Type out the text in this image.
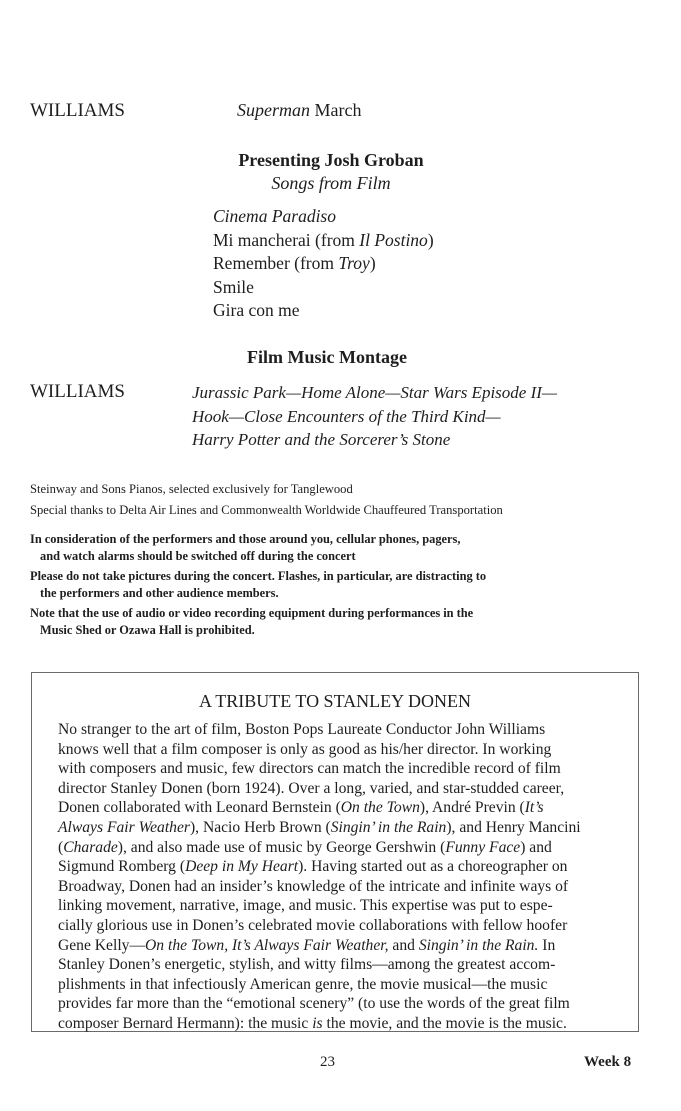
WILLIAMS	Superman March
Presenting Josh Groban
Songs from Film
Cinema Paradiso
Mi mancherai (from Il Postino)
Remember (from Troy)
Smile
Gira con me
Film Music Montage
WILLIAMS	Jurassic Park—Home Alone—Star Wars Episode II—
Hook—Close Encounters of the Third Kind—
Harry Potter and the Sorcerer’s Stone
Steinway and Sons Pianos, selected exclusively for Tanglewood
Special thanks to Delta Air Lines and Commonwealth Worldwide Chauffeured Transportation
In consideration of the performers and those around you, cellular phones, pagers,
and watch alarms should be switched off during the concert
Please do not take pictures during the concert. Flashes, in particular, are distracting to
the performers and other audience members.
Note that the use of audio or video recording equipment during performances in the
Music Shed or Ozawa Hall is prohibited.
A TRIBUTE TO STANLEY DONEN
No stranger to the art of film, Boston Pops Laureate Conductor John Williams
knows well that a film composer is only as good as his/her director. In working
with composers and music, few directors can match the incredible record of film
director Stanley Donen (born 1924). Over a long, varied, and star-studded career,
Donen collaborated with Leonard Bernstein (On the Town), André Previn (It’s
Always Fair Weather), Nacio Herb Brown (Singin’ in the Rain), and Henry Mancini
(Charade), and also made use of music by George Gershwin (Funny Face) and
Sigmund Romberg (Deep in My Heart). Having started out as a choreographer on
Broadway, Donen had an insider’s knowledge of the intricate and infinite ways of
linking movement, narrative, image, and music. This expertise was put to espe-
cially glorious use in Donen’s celebrated movie collaborations with fellow hoofer
Gene Kelly—On the Town, It’s Always Fair Weather, and Singin’ in the Rain. In
Stanley Donen’s energetic, stylish, and witty films—among the greatest accom-
plishments in that infectiously American genre, the movie musical—the music
provides far more than the “emotional scenery” (to use the words of the great film
composer Bernard Hermann): the music is the movie, and the movie is the music.
23	Week 8
